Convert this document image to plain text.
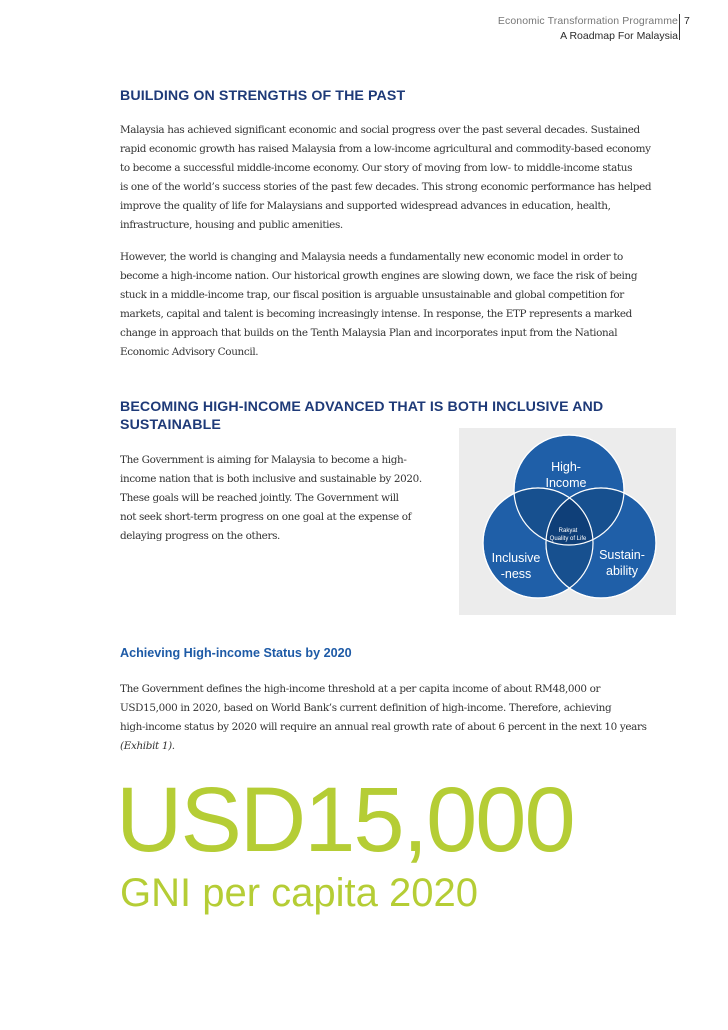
Economic Transformation Programme
A Roadmap For Malaysia
7
BUILDING ON STRENGTHS OF THE PAST
Malaysia has achieved significant economic and social progress over the past several decades. Sustained
rapid economic growth has raised Malaysia from a low-income agricultural and commodity-based economy
to become a successful middle-income economy. Our story of moving from low- to middle-income status
is one of the world’s success stories of the past few decades. This strong economic performance has helped
improve the quality of life for Malaysians and supported widespread advances in education, health,
infrastructure, housing and public amenities.
However, the world is changing and Malaysia needs a fundamentally new economic model in order to
become a high-income nation. Our historical growth engines are slowing down, we face the risk of being
stuck in a middle-income trap, our fiscal position is arguable unsustainable and global competition for
markets, capital and talent is becoming increasingly intense. In response, the ETP represents a marked
change in approach that builds on the Tenth Malaysia Plan and incorporates input from the National
Economic Advisory Council.
BECOMING HIGH-INCOME ADVANCED THAT IS BOTH INCLUSIVE AND
SUSTAINABLE
The Government is aiming for Malaysia to become a high-
income nation that is both inclusive and sustainable by 2020.
These goals will be reached jointly. The Government will
not seek short-term progress on one goal at the expense of
delaying progress on the others.
High-
Income
Inclusive
-ness
Sustain-
ability
Rakyat
Quality of Life
Achieving High-income Status by 2020
The Government defines the high-income threshold at a per capita income of about RM48,000 or
USD15,000 in 2020, based on World Bank’s current definition of high-income. Therefore, achieving
high-income status by 2020 will require an annual real growth rate of about 6 percent in the next 10 years
(Exhibit 1).
USD15,000
GNI per capita 2020
